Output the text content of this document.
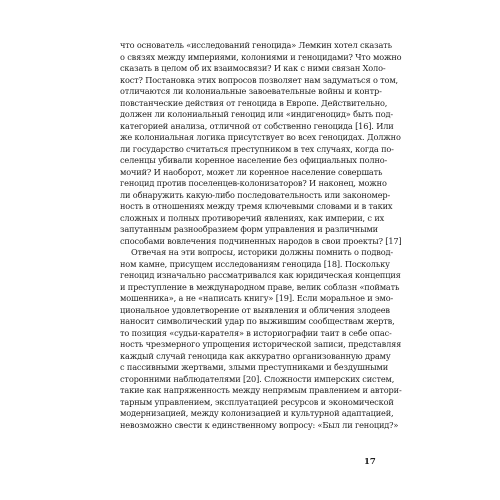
что основатель «исследований геноцида» Лемкин хотел сказать
о связях между империями, колониями и геноцидами? Что можно
сказать в целом об их взаимосвязи? И как с ними связан Холо-
кост? Постановка этих вопросов позволяет нам задуматься о том,
отличаются ли колониальные завоевательные войны и контр-
повстанческие действия от геноцида в Европе. Действительно,
должен ли колониальный геноцид или «индигеноцид» быть под-
категорией анализа, отличной от собственно геноцида [16]. Или
же колониальная логика присутствует во всех геноцидах. Должно
ли государство считаться преступником в тех случаях, когда по-
селенцы убивали коренное население без официальных полно-
мочий? И наоборот, может ли коренное население совершать
геноцид против поселенцев-колонизаторов? И наконец, можно
ли обнаружить какую-либо последовательность или закономер-
ность в отношениях между тремя ключевыми словами и в таких
сложных и полных противоречий явлениях, как империи, с их
запутанным разнообразием форм управления и различными
способами вовлечения подчиненных народов в свои проекты? [17]
Отвечая на эти вопросы, историки должны помнить о подвод-
ном камне, присущем исследованиям геноцида [18]. Поскольку
геноцид изначально рассматривался как юридическая концепция
и преступление в международном праве, велик соблазн «поймать
мошенника», а не «написать книгу» [19]. Если моральное и эмо-
циональное удовлетворение от выявления и обличения злодеев
наносит символический удар по выжившим сообществам жертв,
то позиция «судьи-карателя» в историографии таит в себе опас-
ность чрезмерного упрощения исторической записи, представляя
каждый случай геноцида как аккуратно организованную драму
с пассивными жертвами, злыми преступниками и бездушными
сторонними наблюдателями [20]. Сложности имперских систем,
такие как напряженность между непрямым правлением и автори-
тарным управлением, эксплуатацией ресурсов и экономической
модернизацией, между колонизацией и культурной адаптацией,
невозможно свести к единственному вопросу: «Был ли геноцид?»
17
